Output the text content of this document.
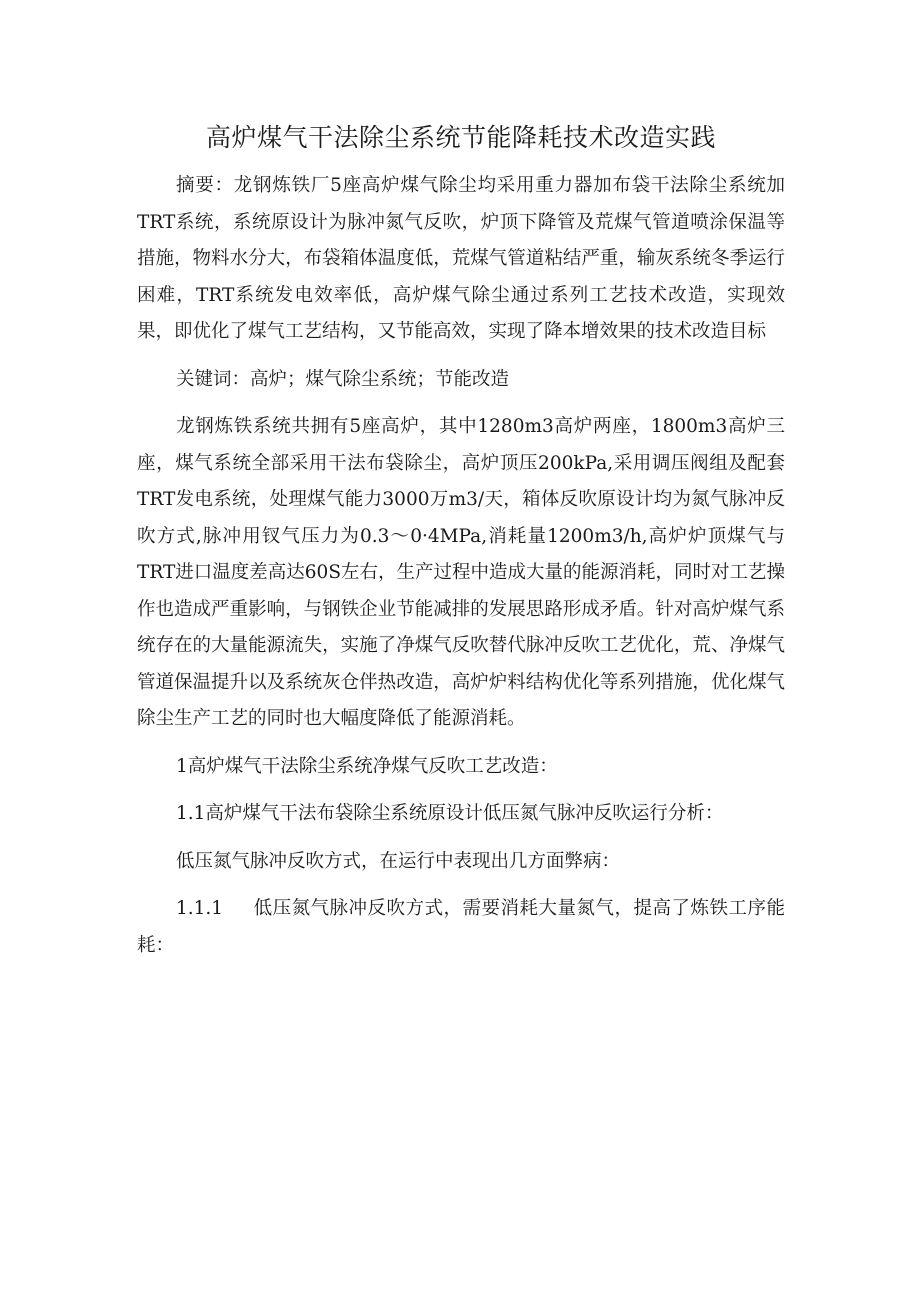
高炉煤气干法除尘系统节能降耗技术改造实践

摘要：龙钢炼铁厂5座高炉煤气除尘均采用重力器加布袋干法除尘系统加TRT系统，系统原设计为脉冲氮气反吹，炉顶下降管及荒煤气管道喷涂保温等措施，物料水分大，布袋箱体温度低，荒煤气管道粘结严重，输灰系统冬季运行困难，TRT系统发电效率低，高炉煤气除尘通过系列工艺技术改造，实现效果，即优化了煤气工艺结构，又节能高效，实现了降本增效果的技术改造目标

关键词：高炉；煤气除尘系统；节能改造

龙钢炼铁系统共拥有5座高炉，其中1280m3高炉两座，1800m3高炉三座，煤气系统全部采用干法布袋除尘，高炉顶压200kPa,采用调压阀组及配套TRT发电系统，处理煤气能力3000万m3/天，箱体反吹原设计均为氮气脉冲反吹方式,脉冲用钗气压力为0.3〜0·4MPa,消耗量1200m3∕h,高炉炉顶煤气与TRT进口温度差高达60S左右，生产过程中造成大量的能源消耗，同时对工艺操作也造成严重影响，与钢铁企业节能减排的发展思路形成矛盾。针对高炉煤气系统存在的大量能源流失，实施了净煤气反吹替代脉冲反吹工艺优化，荒、净煤气管道保温提升以及系统灰仓伴热改造，高炉炉料结构优化等系列措施，优化煤气除尘生产工艺的同时也大幅度降低了能源消耗。

1高炉煤气干法除尘系统净煤气反吹工艺改造：

1.1高炉煤气干法布袋除尘系统原设计低压氮气脉冲反吹运行分析：

低压氮气脉冲反吹方式，在运行中表现出几方面弊病：

1.1.1 低压氮气脉冲反吹方式，需要消耗大量氮气，提高了炼铁工序能耗：
